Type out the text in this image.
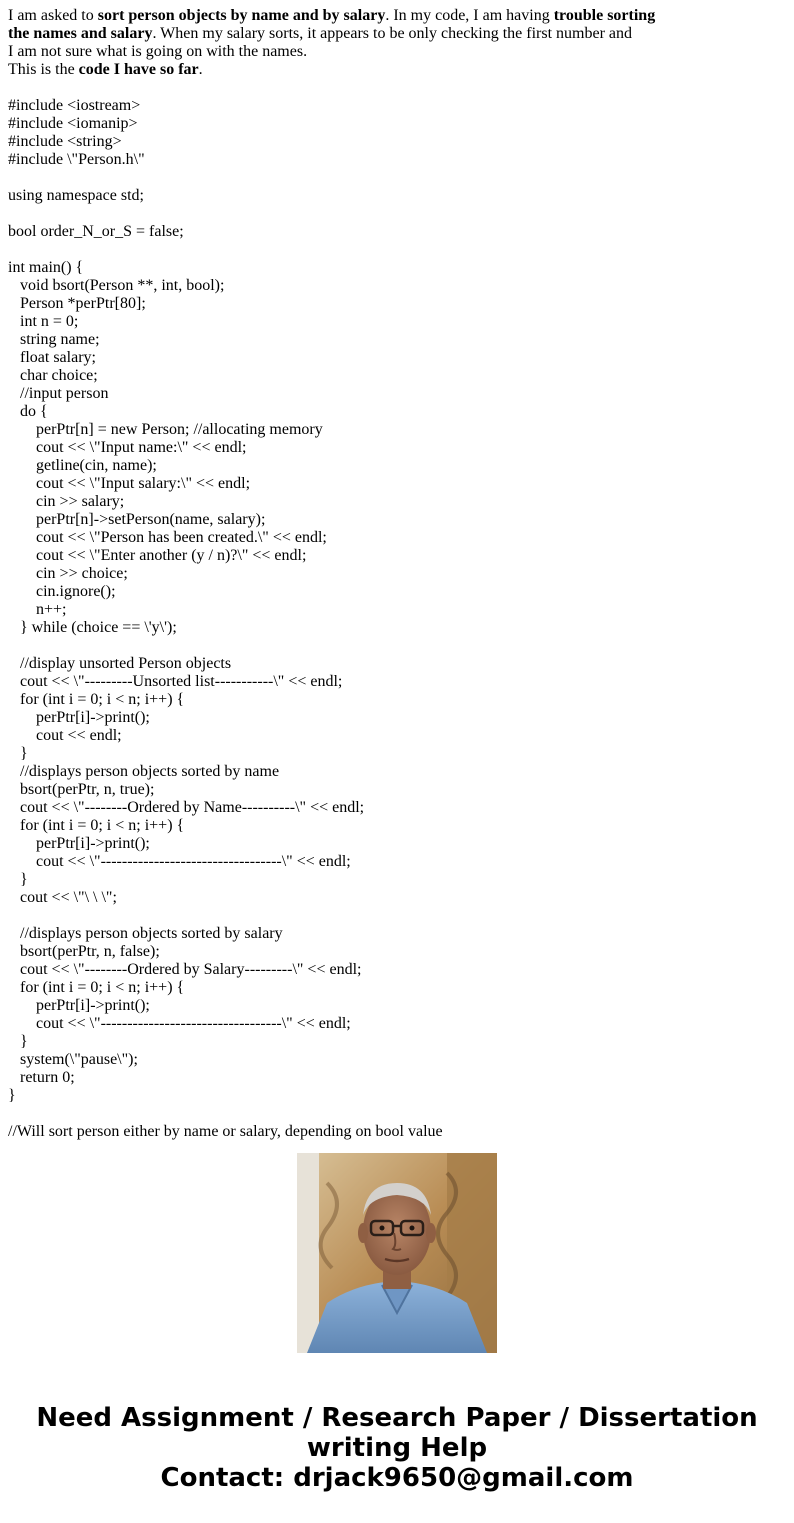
I am asked to sort person objects by name and by salary. In my code, I am having trouble sorting

the names and salary. When my salary sorts, it appears to be only checking the first number and

I am not sure what is going on with the names.

This is the code I have so far.

#include <iostream>
#include <iomanip>
#include <string>
#include \"Person.h\"
using namespace std;
bool order_N_or_S = false;
int main() {
void bsort(Person **, int, bool);
Person *perPtr[80];
int n = 0;
string name;
float salary;
char choice;
//input person
do {
perPtr[n] = new Person; //allocating memory
cout << \"Input name:\" << endl;
getline(cin, name);
cout << \"Input salary:\" << endl;
cin >> salary;
perPtr[n]->setPerson(name, salary);
cout << \"Person has been created.\" << endl;
cout << \"Enter another (y / n)?\" << endl;
cin >> choice;
cin.ignore();
n++;
} while (choice == \'y\');
//display unsorted Person objects
cout << \"---------Unsorted list-----------\" << endl;
for (int i = 0; i < n; i++) {
perPtr[i]->print();
cout << endl;
}
//displays person objects sorted by name
bsort(perPtr, n, true);
cout << \"--------Ordered by Name----------\" << endl;
for (int i = 0; i < n; i++) {
perPtr[i]->print();
cout << \"----------------------------------\" << endl;
}
cout << \"\ \ \";
//displays person objects sorted by salary
bsort(perPtr, n, false);
cout << \"--------Ordered by Salary---------\" << endl;
for (int i = 0; i < n; i++) {
perPtr[i]->print();
cout << \"----------------------------------\" << endl;
}
system(\"pause\");
return 0;
}
//Will sort person either by name or salary, depending on bool value
Need Assignment / Research Paper / Dissertation
writing Help
Contact: drjack9650@gmail.com
